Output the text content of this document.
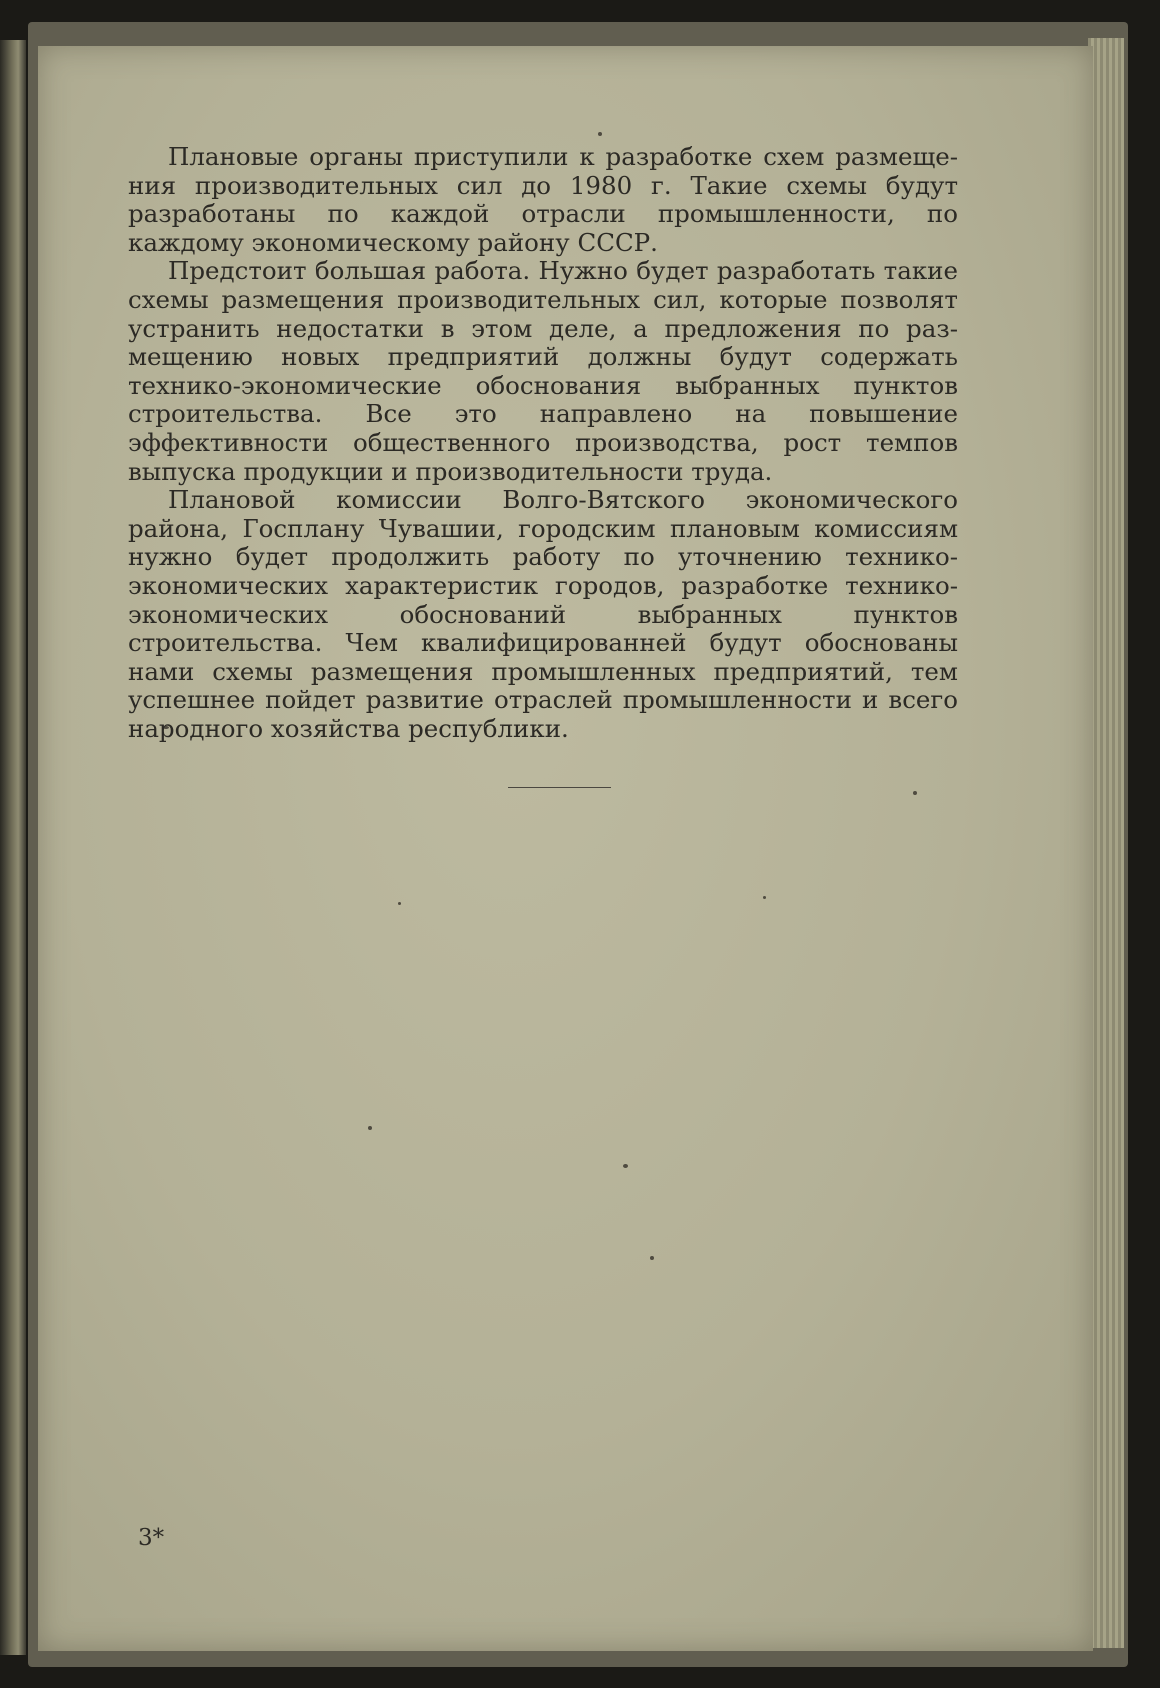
Плановые органы приступили к разработке схем размещения производительных сил до 1980 г. Такие схемы будут разработаны по каждой отрасли промышленности, по каждому экономическому району СССР.

Предстоит большая работа. Нужно будет разработать такие схемы размещения производительных сил, которые позволят устранить недостатки в этом деле, а предложения по размещению новых предприятий должны будут содержать технико-экономические обоснования выбранных пунктов строительства. Все это направлено на повышение эффективности общественного производства, рост темпов выпуска продукции и производительности труда.

Плановой комиссии Волго-Вятского экономического района, Госплану Чувашии, городским плановым комиссиям нужно будет продолжить работу по уточнению технико-экономических характеристик городов, разработке технико-экономических обоснований выбранных пунктов строительства. Чем квалифицированней будут обоснованы нами схемы размещения промышленных предприятий, тем успешнее пойдет развитие отраслей промышленности и всего народного хозяйства республики.

3*
